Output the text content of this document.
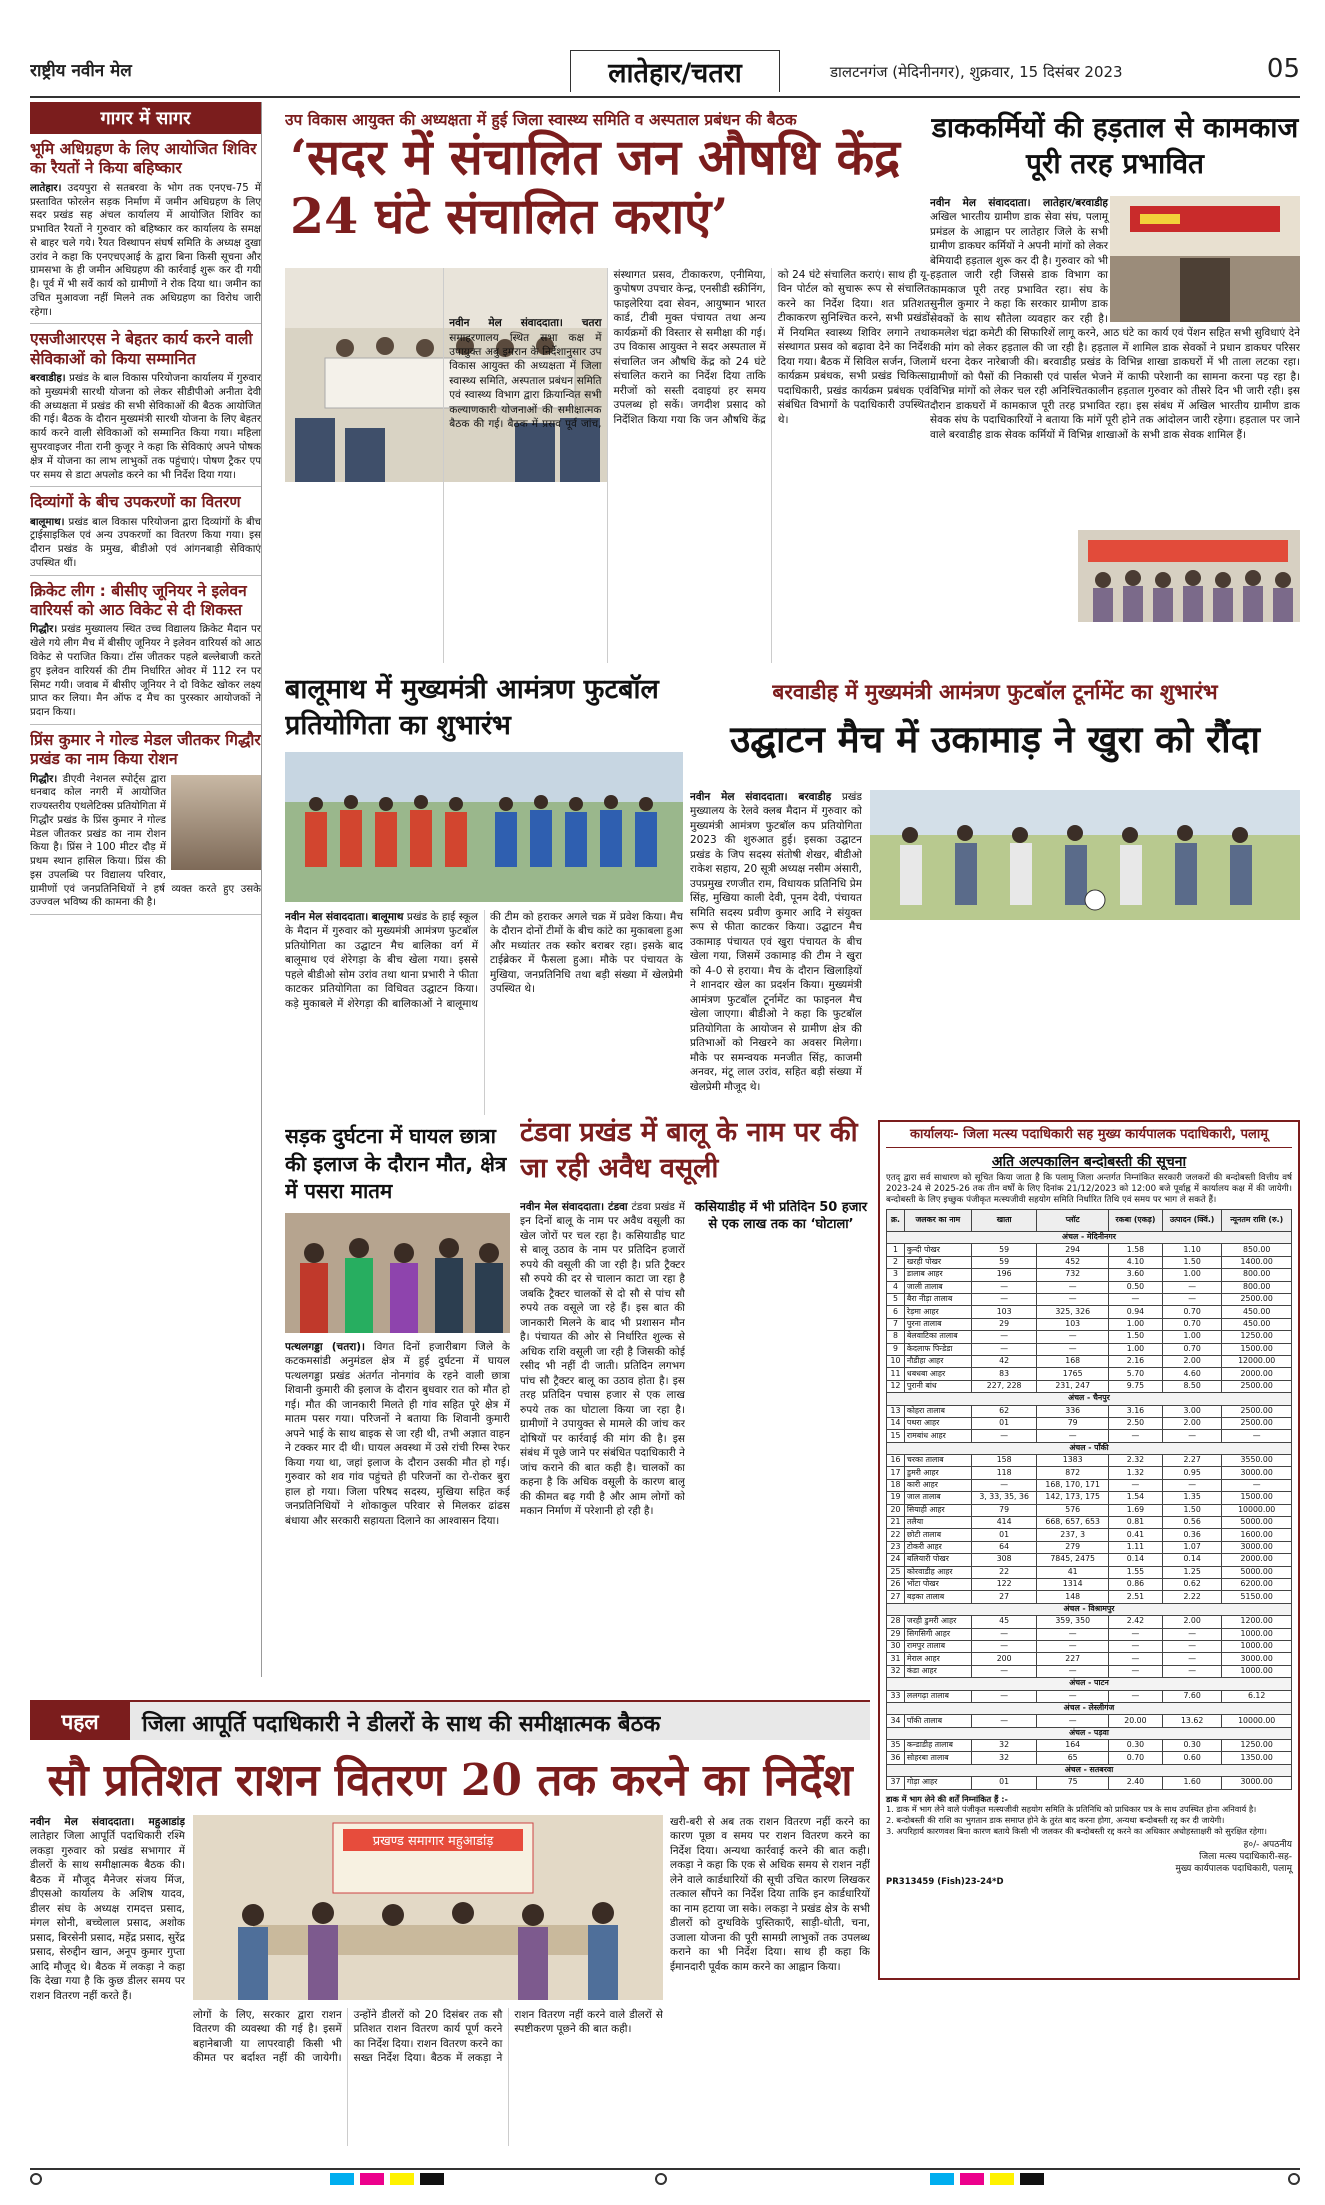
राष्ट्रीय नवीन मेल	लातेहार/चतरा	डालटनगंज (मेदिनीनगर), शुक्रवार, 15 दिसंबर 2023	05
गागर में सागर
भूमि अधिग्रहण के लिए आयोजित शिविर का रैयतों ने किया बहिष्कार
लातेहार। उदयपुरा से सतबरवा के भोग तक एनएच-75 में प्रस्तावित फोरलेन सड़क निर्माण में जमीन अधिग्रहण के लिए सदर प्रखंड सह अंचल कार्यालय में आयोजित शिविर का प्रभावित रैयतों ने गुरुवार को बहिष्कार कर कार्यालय के समक्ष से बाहर चले गये। रैयत विस्थापन संघर्ष समिति के अध्यक्ष दुखा उरांव ने कहा कि एनएचएआई के द्वारा बिना किसी सूचना और ग्रामसभा के ही जमीन अधिग्रहण की कार्रवाई शुरू कर दी गयी है। पूर्व में भी सर्वे कार्य को ग्रामीणों ने रोक दिया था। जमीन का उचित मुआवजा नहीं मिलने तक अधिग्रहण का विरोध जारी रहेगा।
एसजीआरएस ने बेहतर कार्य करने वाली सेविकाओं को किया सम्मानित
बरवाडीह। प्रखंड के बाल विकास परियोजना कार्यालय में गुरुवार को मुख्यमंत्री सारथी योजना को लेकर सीडीपीओ अनीता देवी की अध्यक्षता में प्रखंड की सभी सेविकाओं की बैठक आयोजित की गई। बैठक के दौरान मुख्यमंत्री सारथी योजना के लिए बेहतर कार्य करने वाली सेविकाओं को सम्मानित किया गया। महिला सुपरवाइजर नीता रानी कुजूर ने कहा कि सेविकाएं अपने पोषक क्षेत्र में योजना का लाभ लाभुकों तक पहुंचाएं। पोषण ट्रैकर एप पर समय से डाटा अपलोड करने का भी निर्देश दिया गया।
दिव्यांगों के बीच उपकरणों का वितरण
बालूमाथ। प्रखंड बाल विकास परियोजना द्वारा दिव्यांगों के बीच ट्राईसाइकिल एवं अन्य उपकरणों का वितरण किया गया। इस दौरान प्रखंड के प्रमुख, बीडीओ एवं आंगनबाड़ी सेविकाएं उपस्थित थीं।
क्रिकेट लीग : बीसीए जूनियर ने इलेवन वारियर्स को आठ विकेट से दी शिकस्त
गिद्धौर। प्रखंड मुख्यालय स्थित उच्च विद्यालय क्रिकेट मैदान पर खेले गये लीग मैच में बीसीए जूनियर ने इलेवन वारियर्स को आठ विकेट से पराजित किया। टॉस जीतकर पहले बल्लेबाजी करते हुए इलेवन वारियर्स की टीम निर्धारित ओवर में 112 रन पर सिमट गयी। जवाब में बीसीए जूनियर ने दो विकेट खोकर लक्ष्य प्राप्त कर लिया। मैन ऑफ द मैच का पुरस्कार आयोजकों ने प्रदान किया।
प्रिंस कुमार ने गोल्ड मेडल जीतकर गिद्धौर प्रखंड का नाम किया रोशन
गिद्धौर। डीएवी नेशनल स्पोर्ट्स द्वारा धनबाद कोल नगरी में आयोजित राज्यस्तरीय एथलेटिक्स प्रतियोगिता में गिद्धौर प्रखंड के प्रिंस कुमार ने गोल्ड मेडल जीतकर प्रखंड का नाम रोशन किया है। प्रिंस ने 100 मीटर दौड़ में प्रथम स्थान हासिल किया। प्रिंस की इस उपलब्धि पर विद्यालय परिवार, ग्रामीणों एवं जनप्रतिनिधियों ने हर्ष व्यक्त करते हुए उसके उज्ज्वल भविष्य की कामना की है।
उप विकास आयुक्त की अध्यक्षता में हुई जिला स्वास्थ्य समिति व अस्पताल प्रबंधन की बैठक
‘सदर में संचालित जन औषधि केंद्र 24 घंटे संचालित कराएं’

नवीन मेल संवाददाता। चतरा समाहरणालय स्थित सभा कक्ष में उपायुक्त अबु इमरान के निर्देशानुसार उप विकास आयुक्त की अध्यक्षता में जिला स्वास्थ्य समिति, अस्पताल प्रबंधन समिति एवं स्वास्थ्य विभाग द्वारा क्रियान्वित सभी कल्याणकारी योजनाओं की समीक्षात्मक बैठक की गई। बैठक में प्रसव पूर्व जांच, संस्थागत प्रसव, टीकाकरण, एनीमिया, कुपोषण उपचार केन्द्र, एनसीडी स्क्रीनिंग, फाइलेरिया दवा सेवन, आयुष्मान भारत कार्ड, टीबी मुक्त पंचायत तथा अन्य कार्यक्रमों की विस्तार से समीक्षा की गई। उप विकास आयुक्त ने सदर अस्पताल में संचालित जन औषधि केंद्र को 24 घंटे संचालित कराने का निर्देश दिया ताकि मरीजों को सस्ती दवाइयां हर समय उपलब्ध हो सकें। जगदीश प्रसाद को निर्देशित किया गया कि जन औषधि केंद्र को 24 घंटे संचालित कराएं। साथ ही यू-विन पोर्टल को सुचारू रूप से संचालित करने का निर्देश दिया। शत प्रतिशत टीकाकरण सुनिश्चित करने, सभी प्रखंडों में नियमित स्वास्थ्य शिविर लगाने तथा संस्थागत प्रसव को बढ़ावा देने का निर्देश दिया गया। बैठक में सिविल सर्जन, जिला कार्यक्रम प्रबंधक, सभी प्रखंड चिकित्सा पदाधिकारी, प्रखंड कार्यक्रम प्रबंधक एवं संबंधित विभागों के पदाधिकारी उपस्थित थे।

डाककर्मियों की हड़ताल से कामकाज पूरी तरह प्रभावित

नवीन मेल संवाददाता। लातेहार/बरवाडीह अखिल भारतीय ग्रामीण डाक सेवा संघ, पलामू प्रमंडल के आह्वान पर लातेहार जिले के सभी ग्रामीण डाकघर कर्मियों ने अपनी मांगों को लेकर बेमियादी हड़ताल शुरू कर दी है। गुरुवार को भी हड़ताल जारी रही जिससे डाक विभाग का कामकाज पूरी तरह प्रभावित रहा। संघ के सुनील कुमार ने कहा कि सरकार ग्रामीण डाक सेवकों के साथ सौतेला व्यवहार कर रही है। कमलेश चंद्रा कमेटी की सिफारिशें लागू करने, आठ घंटे का कार्य एवं पेंशन सहित सभी सुविधाएं देने की मांग को लेकर हड़ताल की जा रही है। हड़ताल में शामिल डाक सेवकों ने प्रधान डाकघर परिसर में धरना देकर नारेबाजी की। बरवाडीह प्रखंड के विभिन्न शाखा डाकघरों में भी ताला लटका रहा। ग्रामीणों को पैसों की निकासी एवं पार्सल भेजने में काफी परेशानी का सामना करना पड़ रहा है। विभिन्न मांगों को लेकर चल रही अनिश्चितकालीन हड़ताल गुरुवार को तीसरे दिन भी जारी रही। इस दौरान डाकघरों में कामकाज पूरी तरह प्रभावित रहा। इस संबंध में अखिल भारतीय ग्रामीण डाक सेवक संघ के पदाधिकारियों ने बताया कि मांगें पूरी होने तक आंदोलन जारी रहेगा। हड़ताल पर जाने वाले बरवाडीह डाक सेवक कर्मियों में विभिन्न शाखाओं के सभी डाक सेवक शामिल हैं।

बालूमाथ में मुख्यमंत्री आमंत्रण फुटबॉल प्रतियोगिता का शुभारंभ

नवीन मेल संवाददाता। बालूमाथ प्रखंड के हाई स्कूल के मैदान में गुरुवार को मुख्यमंत्री आमंत्रण फुटबॉल प्रतियोगिता का उद्घाटन मैच बालिका वर्ग में बालूमाथ एवं शेरेगड़ा के बीच खेला गया। इससे पहले बीडीओ सोम उरांव तथा थाना प्रभारी ने फीता काटकर प्रतियोगिता का विधिवत उद्घाटन किया। कड़े मुकाबले में शेरेगड़ा की बालिकाओं ने बालूमाथ की टीम को हराकर अगले चक्र में प्रवेश किया। मैच के दौरान दोनों टीमों के बीच कांटे का मुकाबला हुआ और मध्यांतर तक स्कोर बराबर रहा। इसके बाद टाईब्रेकर में फैसला हुआ। मौके पर पंचायत के मुखिया, जनप्रतिनिधि तथा बड़ी संख्या में खेलप्रेमी उपस्थित थे।

बरवाडीह में मुख्यमंत्री आमंत्रण फुटबॉल टूर्नामेंट का शुभारंभ
उद्घाटन मैच में उकामाड़ ने खुरा को रौंदा

नवीन मेल संवाददाता। बरवाडीह प्रखंड मुख्यालय के रेलवे क्लब मैदान में गुरुवार को मुख्यमंत्री आमंत्रण फुटबॉल कप प्रतियोगिता 2023 की शुरुआत हुई। इसका उद्घाटन प्रखंड के जिप सदस्य संतोषी शेखर, बीडीओ राकेश सहाय, 20 सूत्री अध्यक्ष नसीम अंसारी, उपप्रमुख रणजीत राम, विधायक प्रतिनिधि प्रेम सिंह, मुखिया काली देवी, पूनम देवी, पंचायत समिति सदस्य प्रवीण कुमार आदि ने संयुक्त रूप से फीता काटकर किया। उद्घाटन मैच उकामाड़ पंचायत एवं खुरा पंचायत के बीच खेला गया, जिसमें उकामाड़ की टीम ने खुरा को 4-0 से हराया। मैच के दौरान खिलाड़ियों ने शानदार खेल का प्रदर्शन किया। मुख्यमंत्री आमंत्रण फुटबॉल टूर्नामेंट का फाइनल मैच खेला जाएगा। बीडीओ ने कहा कि फुटबॉल प्रतियोगिता के आयोजन से ग्रामीण क्षेत्र की प्रतिभाओं को निखरने का अवसर मिलेगा। मौके पर समन्वयक मनजीत सिंह, काजमी अनवर, मंटू लाल उरांव, सहित बड़ी संख्या में खेलप्रेमी मौजूद थे।

सड़क दुर्घटना में घायल छात्रा की इलाज के दौरान मौत, क्षेत्र में पसरा मातम

पत्थलगड्डा (चतरा)। विगत दिनों हजारीबाग जिले के कटकमसांडी अनुमंडल क्षेत्र में हुई दुर्घटना में घायल पत्थलगड्डा प्रखंड अंतर्गत नोनगांव के रहने वाली छात्रा शिवानी कुमारी की इलाज के दौरान बुधवार रात को मौत हो गई। मौत की जानकारी मिलते ही गांव सहित पूरे क्षेत्र में मातम पसर गया। परिजनों ने बताया कि शिवानी कुमारी अपने भाई के साथ बाइक से जा रही थी, तभी अज्ञात वाहन ने टक्कर मार दी थी। घायल अवस्था में उसे रांची रिम्स रेफर किया गया था, जहां इलाज के दौरान उसकी मौत हो गई। गुरुवार को शव गांव पहुंचते ही परिजनों का रो-रोकर बुरा हाल हो गया। जिला परिषद सदस्य, मुखिया सहित कई जनप्रतिनिधियों ने शोकाकुल परिवार से मिलकर ढांढस बंधाया और सरकारी सहायता दिलाने का आश्वासन दिया।

टंडवा प्रखंड में बालू के नाम पर की जा रही अवैध वसूली

नवीन मेल संवाददाता। टंडवा टंडवा प्रखंड में इन दिनों बालू के नाम पर अवैध वसूली का खेल जोरों पर चल रहा है। कसियाडीह घाट से बालू उठाव के नाम पर प्रतिदिन हजारों रुपये की वसूली की जा रही है। प्रति ट्रैक्टर सौ रुपये की दर से चालान काटा जा रहा है जबकि ट्रैक्टर चालकों से दो सौ से पांच सौ रुपये तक वसूले जा रहे हैं। इस बात की जानकारी मिलने के बाद भी प्रशासन मौन है। पंचायत की ओर से निर्धारित शुल्क से अधिक राशि वसूली जा रही है जिसकी कोई रसीद भी नहीं दी जाती। प्रतिदिन लगभग पांच सौ ट्रैक्टर बालू का उठाव होता है। इस तरह प्रतिदिन पचास हजार से एक लाख रुपये तक का घोटाला किया जा रहा है। ग्रामीणों ने उपायुक्त से मामले की जांच कर दोषियों पर कार्रवाई की मांग की है। इस संबंध में पूछे जाने पर संबंधित पदाधिकारी ने जांच कराने की बात कही है। चालकों का कहना है कि अधिक वसूली के कारण बालू की कीमत बढ़ गयी है और आम लोगों को मकान निर्माण में परेशानी हो रही है।

कसियाडीह में भी प्रतिदिन 50 हजार से एक लाख तक का ‘घोटाला’
कार्यालयः- जिला मत्स्य पदाधिकारी सह मुख्य कार्यपालक पदाधिकारी, पलामू
अति अल्पकालिन बन्दोबस्ती की सूचना
एतद् द्वारा सर्व साधारण को सूचित किया जाता है कि पलामू जिला अन्तर्गत निम्नांकित सरकारी जलकरों की बन्दोबस्ती वित्तीय वर्ष 2023-24 से 2025-26 तक तीन वर्षों के लिए दिनांक 21/12/2023 को 12:00 बजे पूर्वाह्न में कार्यालय कक्ष में की जायेगी। बन्दोबस्ती के लिए इच्छुक पंजीकृत मत्स्यजीवी सहयोग समिति निर्धारित तिथि एवं समय पर भाग ले सकते हैं।
क्र.	जलकर का नाम	खाता	प्लॉट	रकबा (एकड़)	उत्पादन (क्विं.)	न्यूनतम राशि (रु.)
अंचल - मेदिनीनगर						
1	कुन्दी पोखर	59	294	1.58	1.10	850.00
2	खरही पोखर	59	452	4.10	1.50	1400.00
3	डालाब आहर	196	732	3.60	1.00	800.00
4	जाली तालाब	—	—	0.50	—	800.00
5	बैरा नीड़ा तालाब	—	—	—	—	2500.00
6	रेड़मा आहर	103	325, 326	0.94	0.70	450.00
7	पुरना तालाब	29	103	1.00	0.70	450.00
8	बेलवाटिका तालाब	—	—	1.50	1.00	1250.00
9	केदलाफ पिन्डेडा	—	—	1.00	0.70	1500.00
10	नौडीहा आहर	42	168	2.16	2.00	12000.00
11	धबधबा आहर	83	1765	5.70	4.60	2000.00
12	पुरानी बांध	227, 228	231, 247	9.75	8.50	2500.00
अंचल - चैनपुर						
13	कोहरा तालाब	62	336	3.16	3.00	2500.00
14	पथरा आहर	01	79	2.50	2.00	2500.00
15	रामबांध आहर	—	—	—	—	—
अंचल - पाँकी						
16	चरका तालाब	158	1383	2.32	2.27	3550.00
17	डुमरी आहर	118	872	1.32	0.95	3000.00
18	कारी आहर	—	168, 170, 171	—	—	—
19	जाल तालाब	3, 33, 35, 36	142, 173, 175	1.54	1.35	1500.00
20	सियाही आहर	79	576	1.69	1.50	10000.00
21	तलैया	414	668, 657, 653	0.81	0.56	5000.00
22	छोटी तालाब	01	237, 3	0.41	0.36	1600.00
23	टोकरी आहर	64	279	1.11	1.07	3000.00
24	बलियारी पोखर	308	7845, 2475	0.14	0.14	2000.00
25	कोरवाडीह आहर	22	41	1.55	1.25	5000.00
26	भोंटा पोखर	122	1314	0.86	0.62	6200.00
27	बड़का तालाब	27	148	2.51	2.22	5150.00
अंचल - विश्रामपुर						
28	जरही डुमरी आहर	45	359, 350	2.42	2.00	1200.00
29	सिगसिगी आहर	—	—	—	—	1000.00
30	रामपुर तालाब	—	—	—	—	1000.00
31	मेराल आहर	200	227	—	—	3000.00
32	कंडा आहर	—	—	—	—	1000.00
अंचल - पाटन						
33	ललगढ़ा तालाब	—	—	—	7.60	6.12
अंचल - लेस्लीगंज						
34	पाँकी तालाब	—	—	20.00	13.62	10000.00
अंचल - पड़वा						
35	कन्डाडीह तालाब	32	164	0.30	0.30	1250.00
36	सोहरबा तालाब	32	65	0.70	0.60	1350.00
अंचल - सतबरवा						
37	गोड़ा आहर	01	75	2.40	1.60	3000.00
डाक में भाग लेने की शर्तें निम्नांकित हैं :-
1. डाक में भाग लेने वाले पंजीकृत मत्स्यजीवी सहयोग समिति के प्रतिनिधि को प्राधिकार पत्र के साथ उपस्थित होना अनिवार्य है।
2. बन्दोबस्ती की राशि का भुगतान डाक समाप्त होने के तुरंत बाद करना होगा, अन्यथा बन्दोबस्ती रद्द कर दी जायेगी।
3. अपरिहार्य कारणवश बिना कारण बताये किसी भी जलकर की बन्दोबस्ती रद्द करने का अधिकार अधोहस्ताक्षरी को सुरक्षित रहेगा।
ह०/- अपठनीय
जिला मत्स्य पदाधिकारी-सह-
मुख्य कार्यपालक पदाधिकारी, पलामू
PR313459 (Fish)23-24*D
पहल	जिला आपूर्ति पदाधिकारी ने डीलरों के साथ की समीक्षात्मक बैठक
सौ प्रतिशत राशन वितरण 20 तक करने का निर्देश

नवीन मेल संवाददाता। महुआडांड़ लातेहार जिला आपूर्ति पदाधिकारी रश्मि लकड़ा गुरुवार को प्रखंड सभागार में डीलरों के साथ समीक्षात्मक बैठक की। बैठक में मौजूद मैनेजर संजय मिंज, डीएसओ कार्यालय के अशिष यादव, डीलर संघ के अध्यक्ष रामदत्त प्रसाद, मंगल सोनी, बच्चेलाल प्रसाद, अशोक प्रसाद, बिरसेनी प्रसाद, महेंद्र प्रसाद, सुरेंद्र प्रसाद, सेरुद्दीन खान, अनूप कुमार गुप्ता आदि मौजूद थे। बैठक में लकड़ा ने कहा कि देखा गया है कि कुछ डीलर समय पर राशन वितरण नहीं करते हैं।

प्रखण्ड समागार महुआडांड़

लोगों के लिए, सरकार द्वारा राशन वितरण की व्यवस्था की गई है। इसमें बहानेबाजी या लापरवाही किसी भी कीमत पर बर्दाश्त नहीं की जायेगी। उन्होंने डीलरों को 20 दिसंबर तक सौ प्रतिशत राशन वितरण कार्य पूर्ण करने का निर्देश दिया। राशन वितरण करने का सख्त निर्देश दिया। बैठक में लकड़ा ने राशन वितरण नहीं करने वाले डीलरों से स्पष्टीकरण पूछने की बात कही।

खरी-बरी से अब तक राशन वितरण नहीं करने का कारण पूछा व समय पर राशन वितरण करने का निर्देश दिया। अन्यथा कार्रवाई करने की बात कही। लकड़ा ने कहा कि एक से अधिक समय से राशन नहीं लेने वाले कार्डधारियों की सूची उचित कारण लिखकर तत्काल सौंपने का निर्देश दिया ताकि इन कार्डधारियों का नाम हटाया जा सके। लकड़ा ने प्रखंड क्षेत्र के सभी डीलरों को दुग्धविके पुस्तिकाएँ, साड़ी-धोती, चना, उजाला योजना की पूरी सामग्री लाभुकों तक उपलब्ध कराने का भी निर्देश दिया। साथ ही कहा कि ईमानदारी पूर्वक काम करने का आह्वान किया।
